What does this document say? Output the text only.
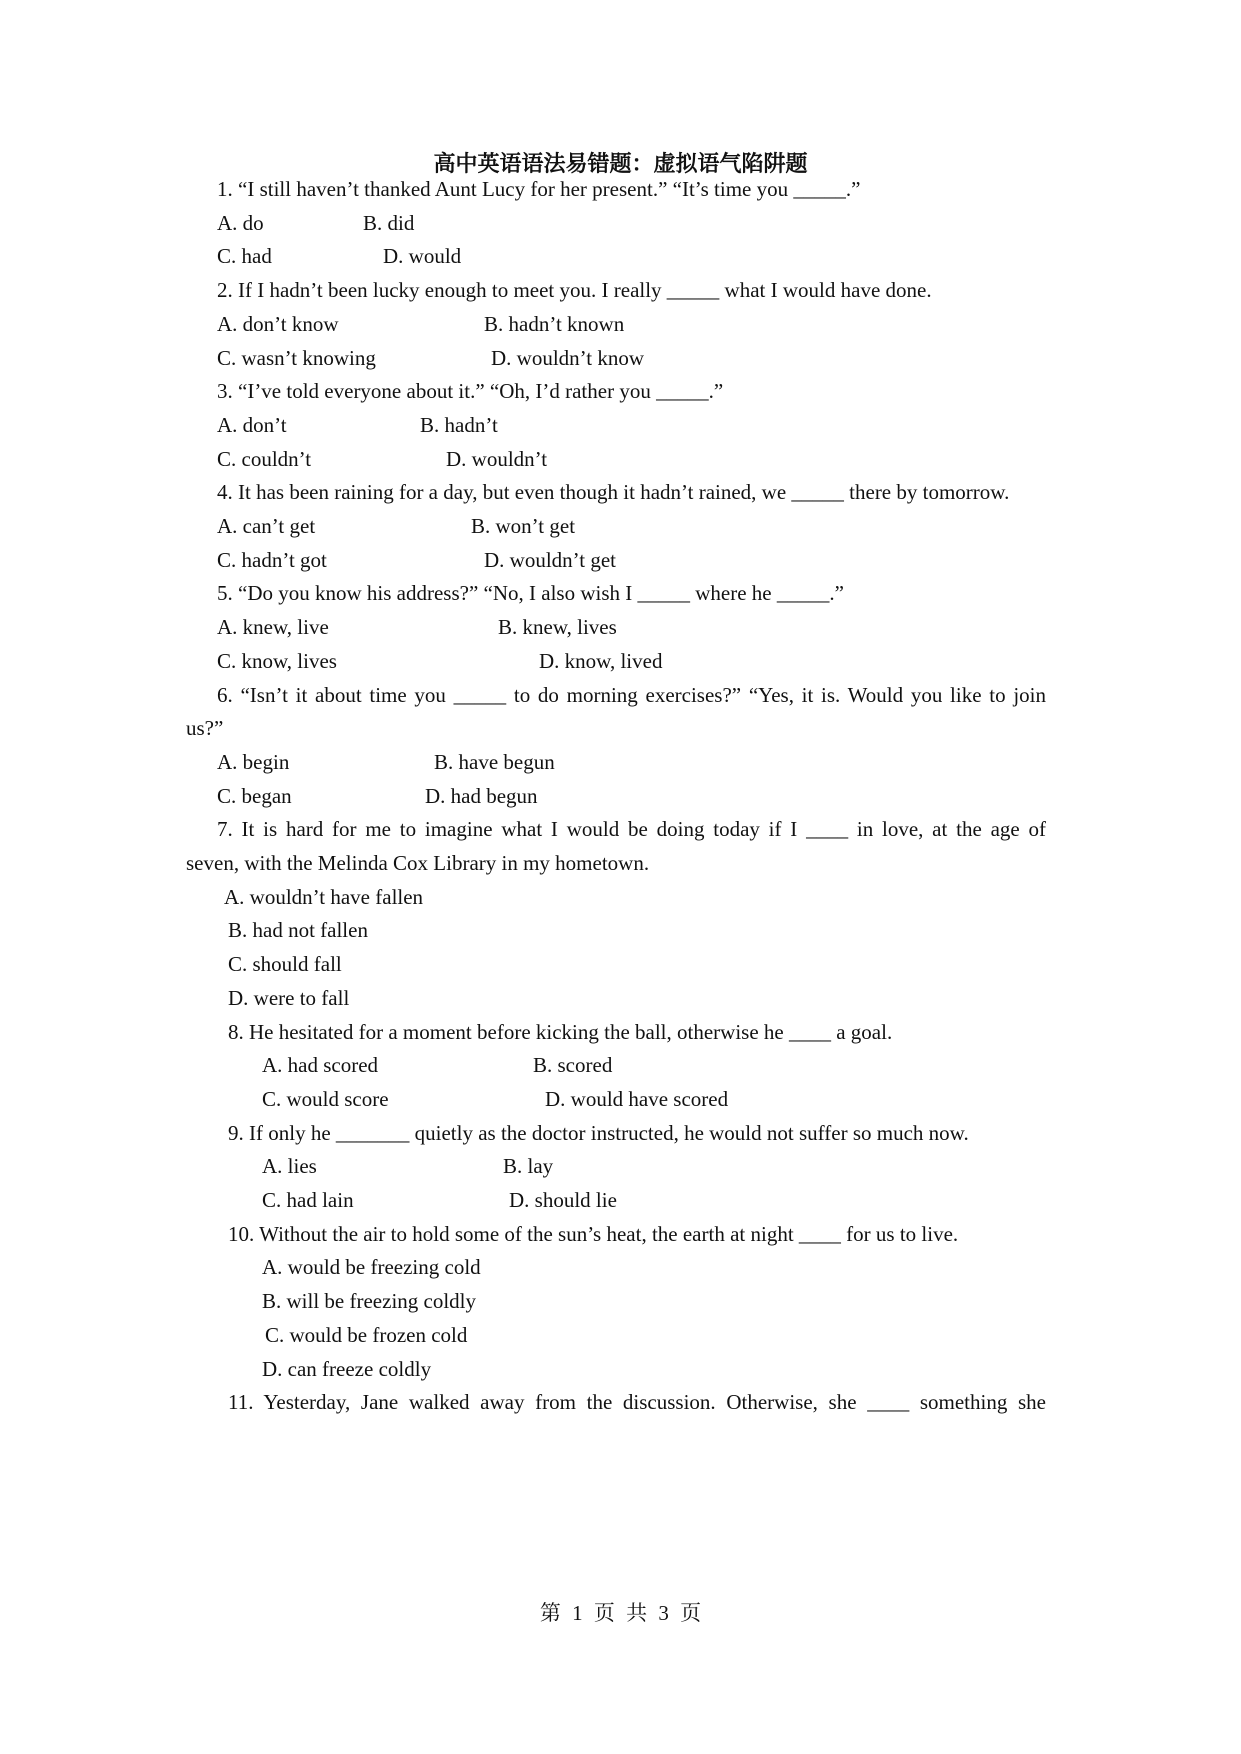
高中英语语法易错题：虚拟语气陷阱题
1. “I still haven’t thanked Aunt Lucy for her present.” “It’s time you _____.”
A. do	B. did
C. had	D. would
2. If I hadn’t been lucky enough to meet you. I really _____ what I would have done.
A. don’t know	B. hadn’t known
C. wasn’t knowing	D. wouldn’t know
3. “I’ve told everyone about it.” “Oh, I’d rather you _____.”
A. don’t	B. hadn’t
C. couldn’t	D. wouldn’t
4. It has been raining for a day, but even though it hadn’t rained, we _____ there by tomorrow.
A. can’t get	B. won’t get
C. hadn’t got	D. wouldn’t get
5. “Do you know his address?” “No, I also wish I _____ where he _____.”
A. knew, live	B. knew, lives
C. know, lives	D. know, lived
6. “Isn’t it about time you _____ to do morning exercises?” “Yes, it is. Would you like to join
us?”
A. begin	B. have begun
C. began	D. had begun
7. It is hard for me to imagine what I would be doing today if I ____ in love, at the age of
seven, with the Melinda Cox Library in my hometown.
A. wouldn’t have fallen
B. had not fallen
C. should fall
D. were to fall
8. He hesitated for a moment before kicking the ball, otherwise he ____ a goal.
A. had scored	B. scored
C. would score	D. would have scored
9. If only he _______ quietly as the doctor instructed, he would not suffer so much now.
A. lies	B. lay
C. had lain	D. should lie
10. Without the air to hold some of the sun’s heat, the earth at night ____ for us to live.
A. would be freezing cold
B. will be freezing coldly
C. would be frozen cold
D. can freeze coldly
11. Yesterday, Jane walked away from the discussion. Otherwise, she ____ something she
第 1 页 共 3 页
